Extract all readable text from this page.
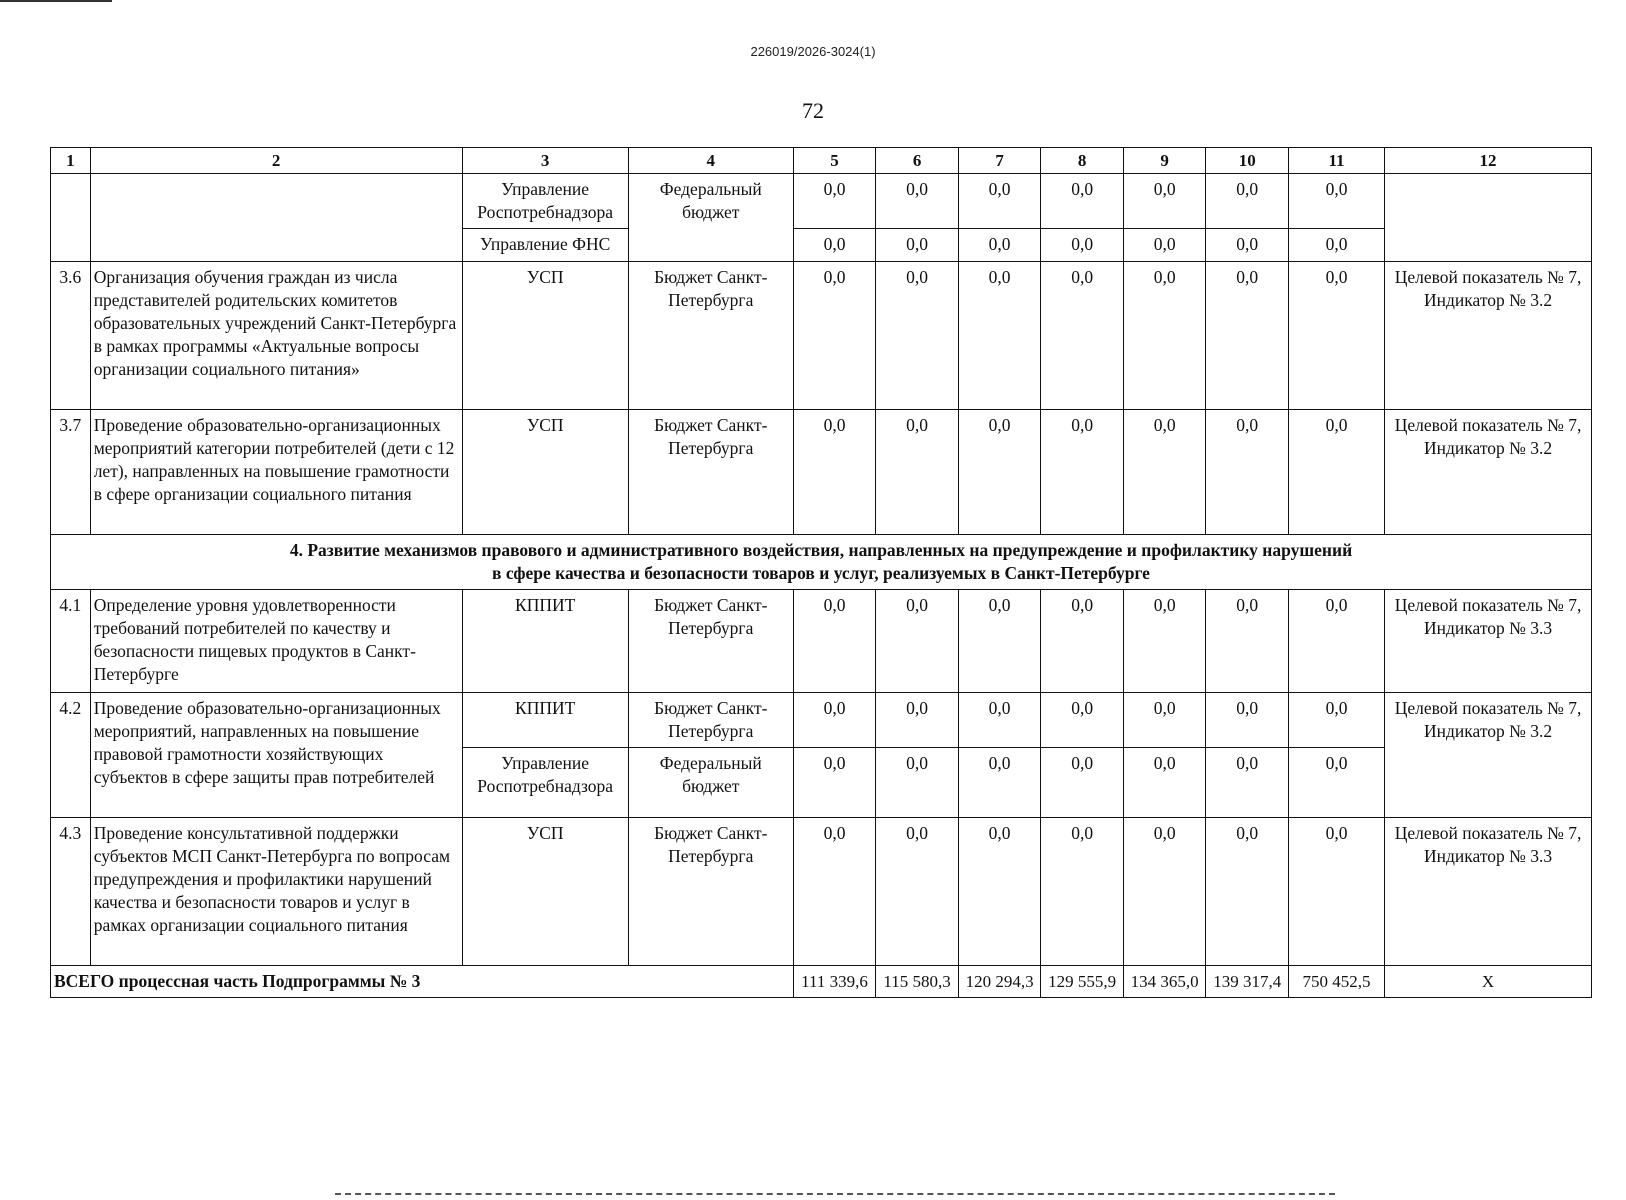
226019/2026-3024(1)
72
1	2	3	4	5	6	7	8	9	10	11	12
		Управление Роспотребнадзора	Федеральный бюджет	0,0	0,0	0,0	0,0	0,0	0,0	0,0	
		Управление ФНС		0,0	0,0	0,0	0,0	0,0	0,0	0,0	
3.6	Организация обучения граждан из числа представителей родительских комитетов образовательных учреждений Санкт-Петербурга в рамках программы «Актуальные вопросы организации социального питания»	УСП	Бюджет Санкт-Петербурга	0,0	0,0	0,0	0,0	0,0	0,0	0,0	Целевой показатель № 7, Индикатор № 3.2
3.7	Проведение образовательно-организационных мероприятий категории потребителей (дети с 12 лет), направленных на повышение грамотности в сфере организации социального питания	УСП	Бюджет Санкт-Петербурга	0,0	0,0	0,0	0,0	0,0	0,0	0,0	Целевой показатель № 7, Индикатор № 3.2

4. Развитие механизмов правового и административного воздействия, направленных на предупреждение и профилактику нарушений
в сфере качества и безопасности товаров и услуг, реализуемых в Санкт-Петербурге											

4.1	Определение уровня удовлетворенности требований потребителей по качеству и безопасности пищевых продуктов в Санкт-Петербурге	КППИТ	Бюджет Санкт-Петербурга	0,0	0,0	0,0	0,0	0,0	0,0	0,0	Целевой показатель № 7, Индикатор № 3.3
4.2	Проведение образовательно-организационных мероприятий, направленных на повышение правовой грамотности хозяйствующих субъектов в сфере защиты прав потребителей	КППИТ	Бюджет Санкт-Петербурга	0,0	0,0	0,0	0,0	0,0	0,0	0,0	Целевой показатель № 7, Индикатор № 3.2
		Управление Роспотребнадзора	Федеральный бюджет	0,0	0,0	0,0	0,0	0,0	0,0	0,0	
4.3	Проведение консультативной поддержки субъектов МСП Санкт-Петербурга по вопросам предупреждения и профилактики нарушений качества и безопасности товаров и услуг в рамках организации социального питания	УСП	Бюджет Санкт-Петербурга	0,0	0,0	0,0	0,0	0,0	0,0	0,0	Целевой показатель № 7, Индикатор № 3.3
ВСЕГО процессная часть Подпрограммы № 3				111 339,6	115 580,3	120 294,3	129 555,9	134 365,0	139 317,4	750 452,5	X
